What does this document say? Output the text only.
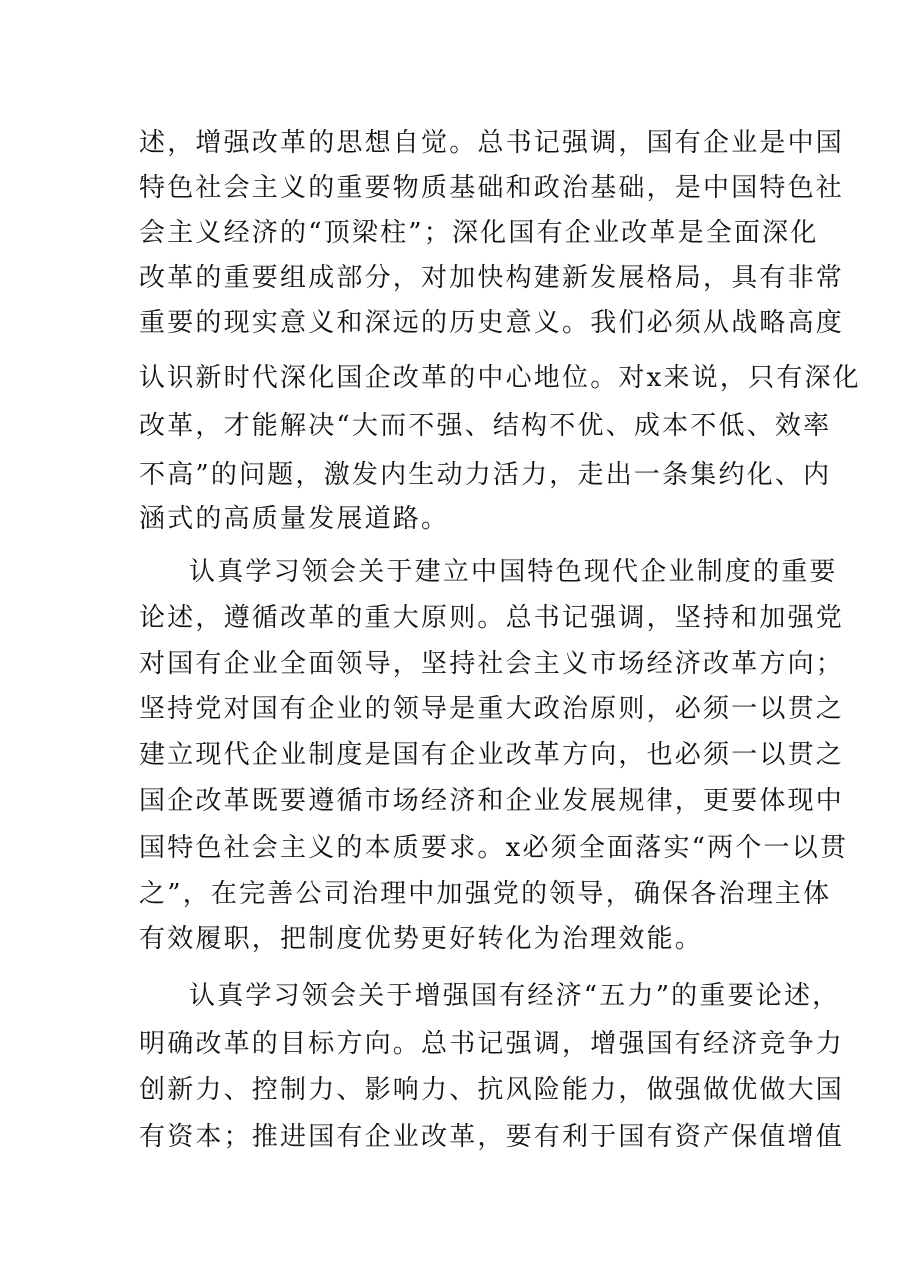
述，增强改革的思想自觉。总书记强调，国有企业是中国
特色社会主义的重要物质基础和政治基础，是中国特色社
会主义经济的“顶梁柱”；深化国有企业改革是全面深化
改革的重要组成部分，对加快构建新发展格局，具有非常
重要的现实意义和深远的历史意义。我们必须从战略高度
认识新时代深化国企改革的中心地位。对x来说，只有深化
改革，才能解决“大而不强、结构不优、成本不低、效率
不高”的问题，激发内生动力活力，走出一条集约化、内
涵式的高质量发展道路。
认真学习领会关于建立中国特色现代企业制度的重要
论述，遵循改革的重大原则。总书记强调，坚持和加强党
对国有企业全面领导，坚持社会主义市场经济改革方向；
坚持党对国有企业的领导是重大政治原则，必须一以贯之
建立现代企业制度是国有企业改革方向，也必须一以贯之
国企改革既要遵循市场经济和企业发展规律，更要体现中
国特色社会主义的本质要求。x必须全面落实“两个一以贯
之”，在完善公司治理中加强党的领导，确保各治理主体
有效履职，把制度优势更好转化为治理效能。
认真学习领会关于增强国有经济“五力”的重要论述，
明确改革的目标方向。总书记强调，增强国有经济竞争力
创新力、控制力、影响力、抗风险能力，做强做优做大国
有资本；推进国有企业改革，要有利于国有资产保值增值
